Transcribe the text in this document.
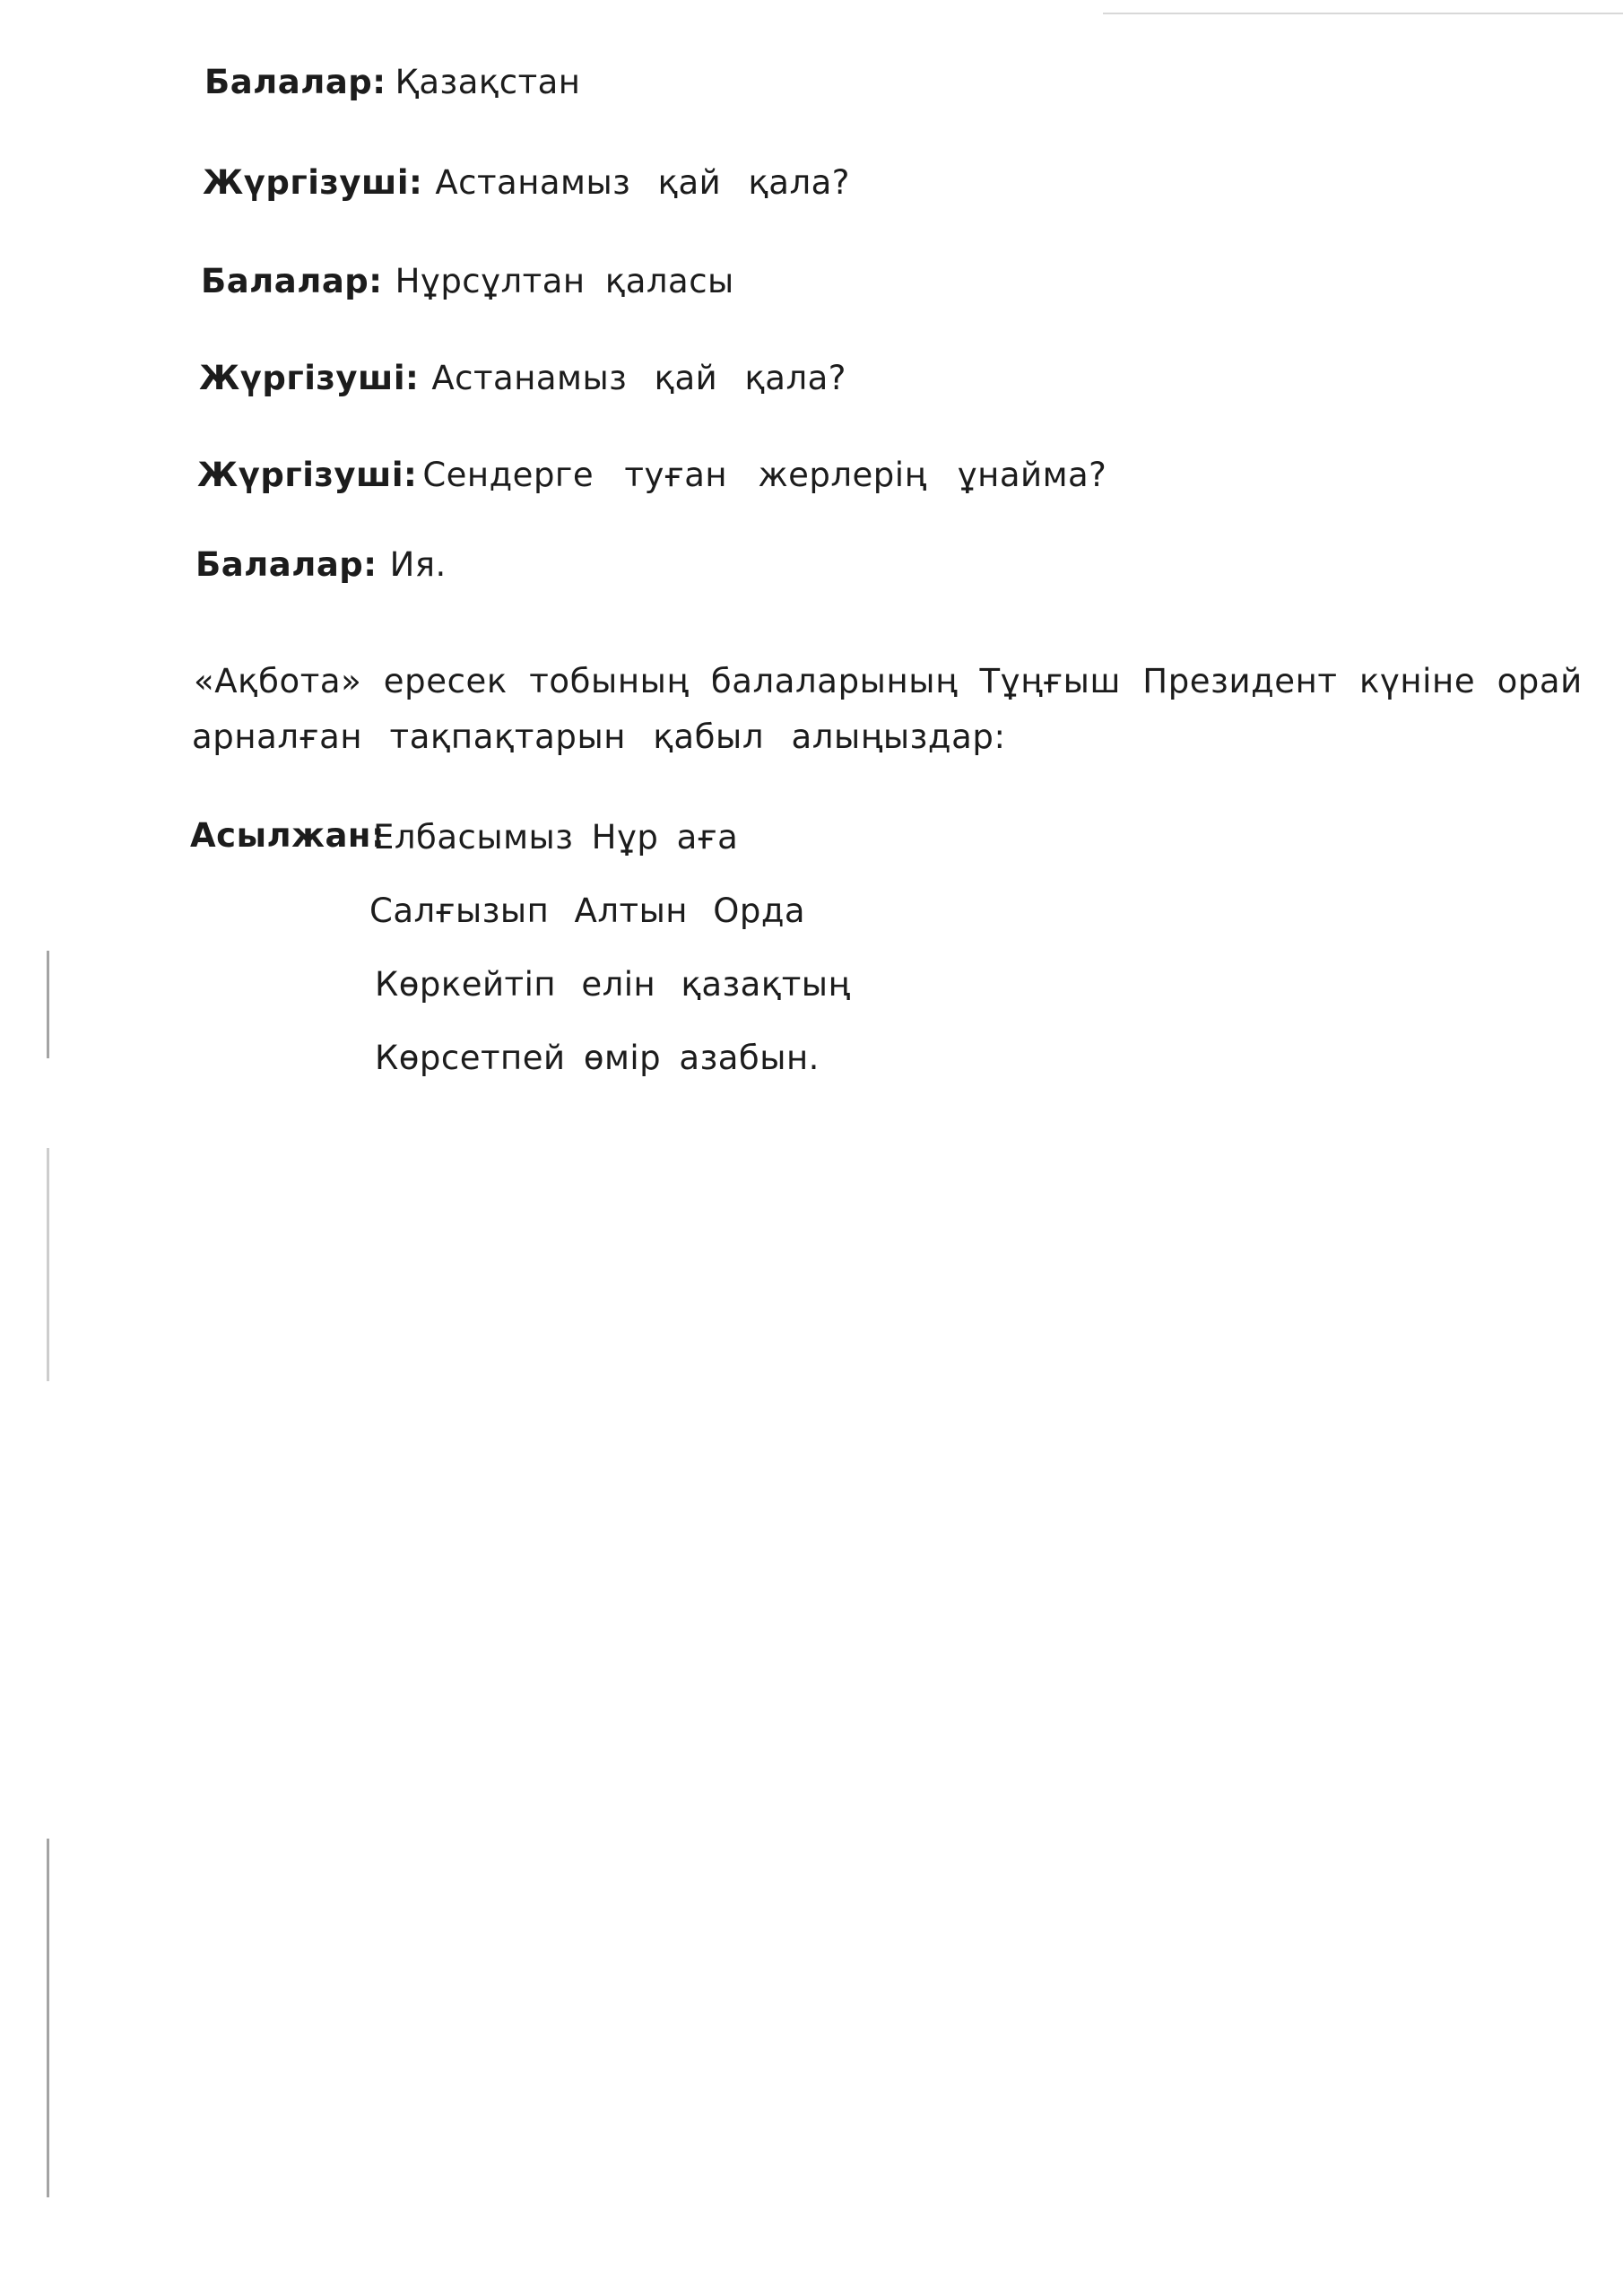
Балалар: Қазақстан
Жүргізуші: Астанамыз қай қала?
Балалар: Нұрсұлтан қаласы
Жүргізуші: Астанамыз қай қала?
Жүргізуші: Сендерге туған жерлерің ұнайма?
Балалар: Ия.
«Ақбота» ересек тобының балаларының Тұңғыш Президент күніне орай
арналған тақпақтарын қабыл алыңыздар:
Асылжан:
Елбасымыз Нұр аға
Салғызып Алтын Орда
Көркейтіп елін қазақтың
Көрсетпей өмір азабын.
